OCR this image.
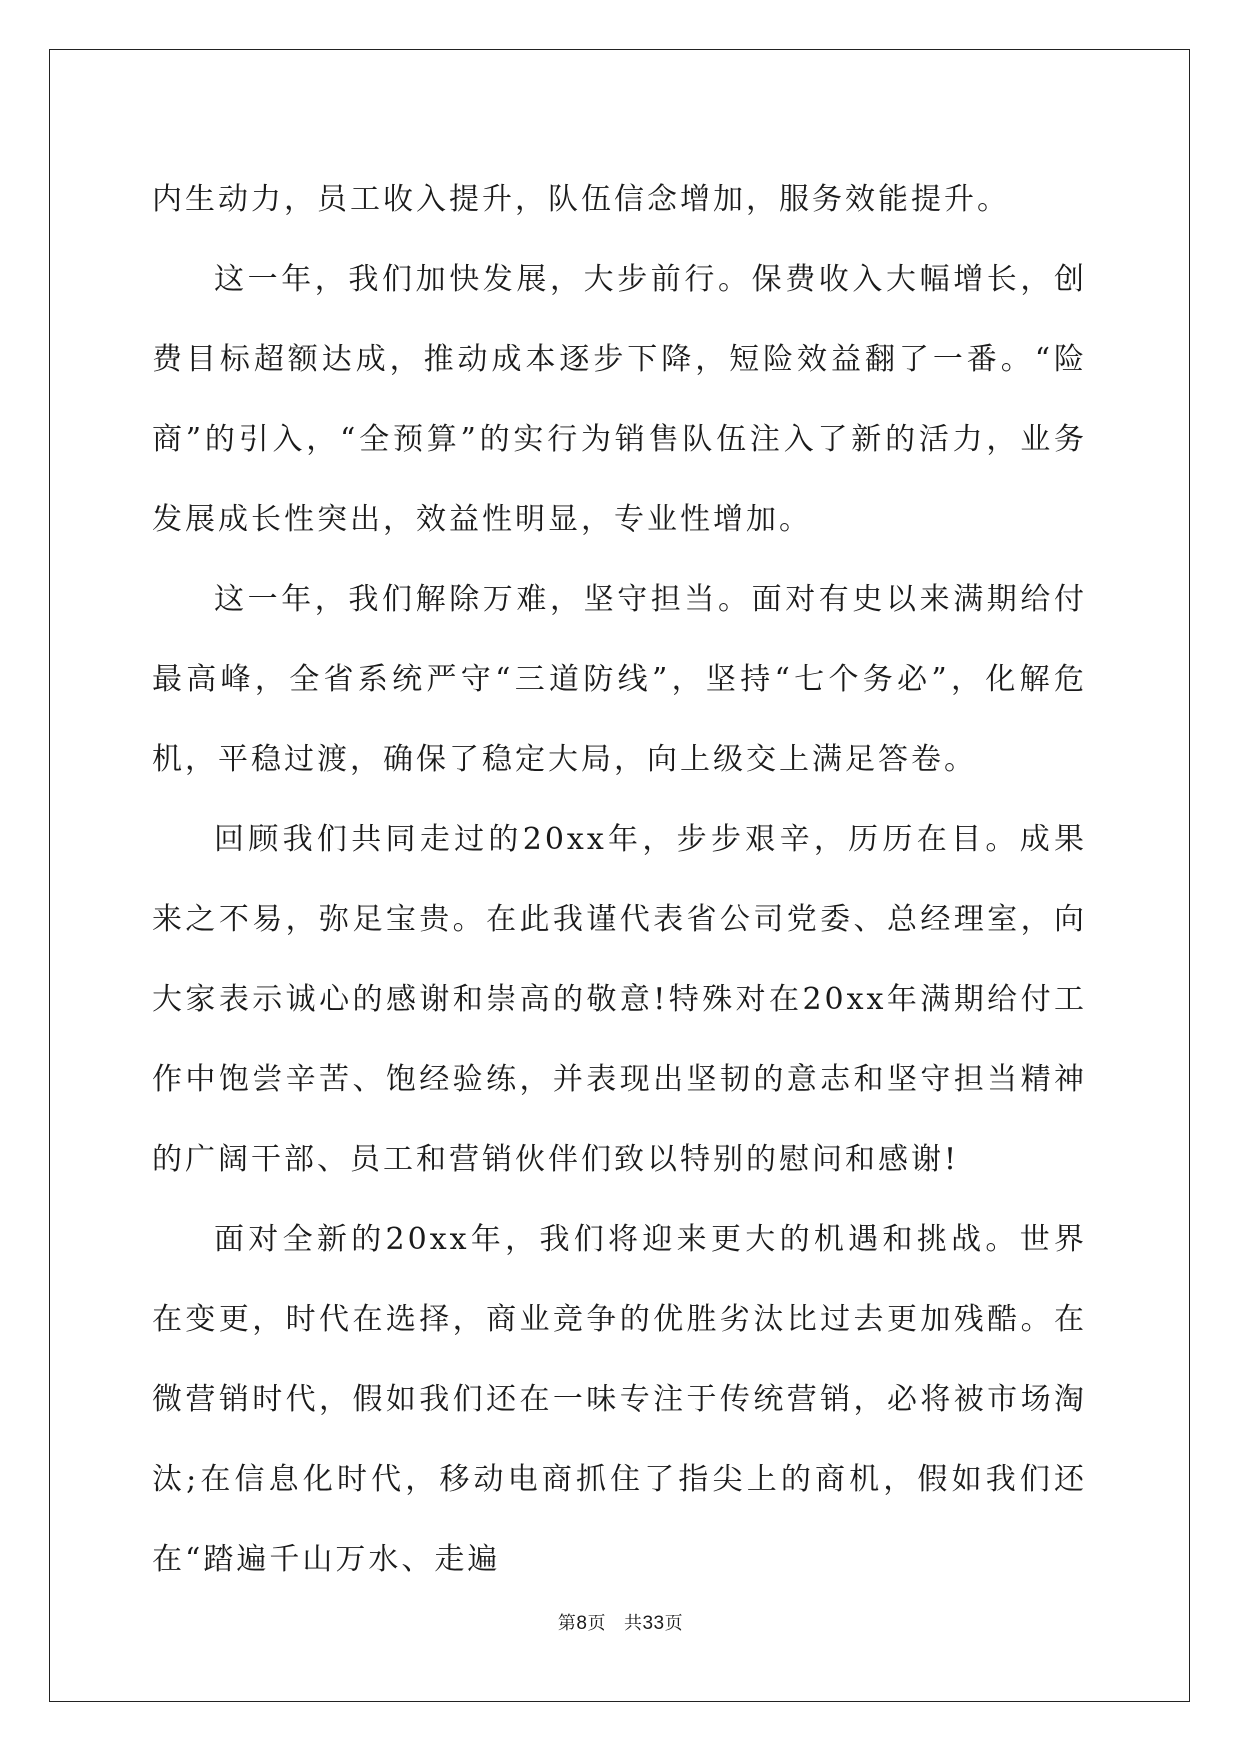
内生动力，员工收入提升，队伍信念增加，服务效能提升。

这一年，我们加快发展，大步前行。保费收入大幅增长，创费目标超额达成，推动成本逐步下降，短险效益翻了一番。“险商”的引入，“全预算”的实行为销售队伍注入了新的活力，业务发展成长性突出，效益性明显，专业性增加。

这一年，我们解除万难，坚守担当。面对有史以来满期给付最高峰，全省系统严守“三道防线”，坚持“七个务必”，化解危机，平稳过渡，确保了稳定大局，向上级交上满足答卷。

回顾我们共同走过的20xx年，步步艰辛，历历在目。成果来之不易，弥足宝贵。在此我谨代表省公司党委、总经理室，向大家表示诚心的感谢和崇高的敬意!特殊对在20xx年满期给付工作中饱尝辛苦、饱经验练，并表现出坚韧的意志和坚守担当精神的广阔干部、员工和营销伙伴们致以特别的慰问和感谢!

面对全新的20xx年，我们将迎来更大的机遇和挑战。世界在变更，时代在选择，商业竞争的优胜劣汰比过去更加残酷。在微营销时代，假如我们还在一味专注于传统营销，必将被市场淘汰;在信息化时代，移动电商抓住了指尖上的商机，假如我们还在“踏遍千山万水、走遍

第8页 共33页
